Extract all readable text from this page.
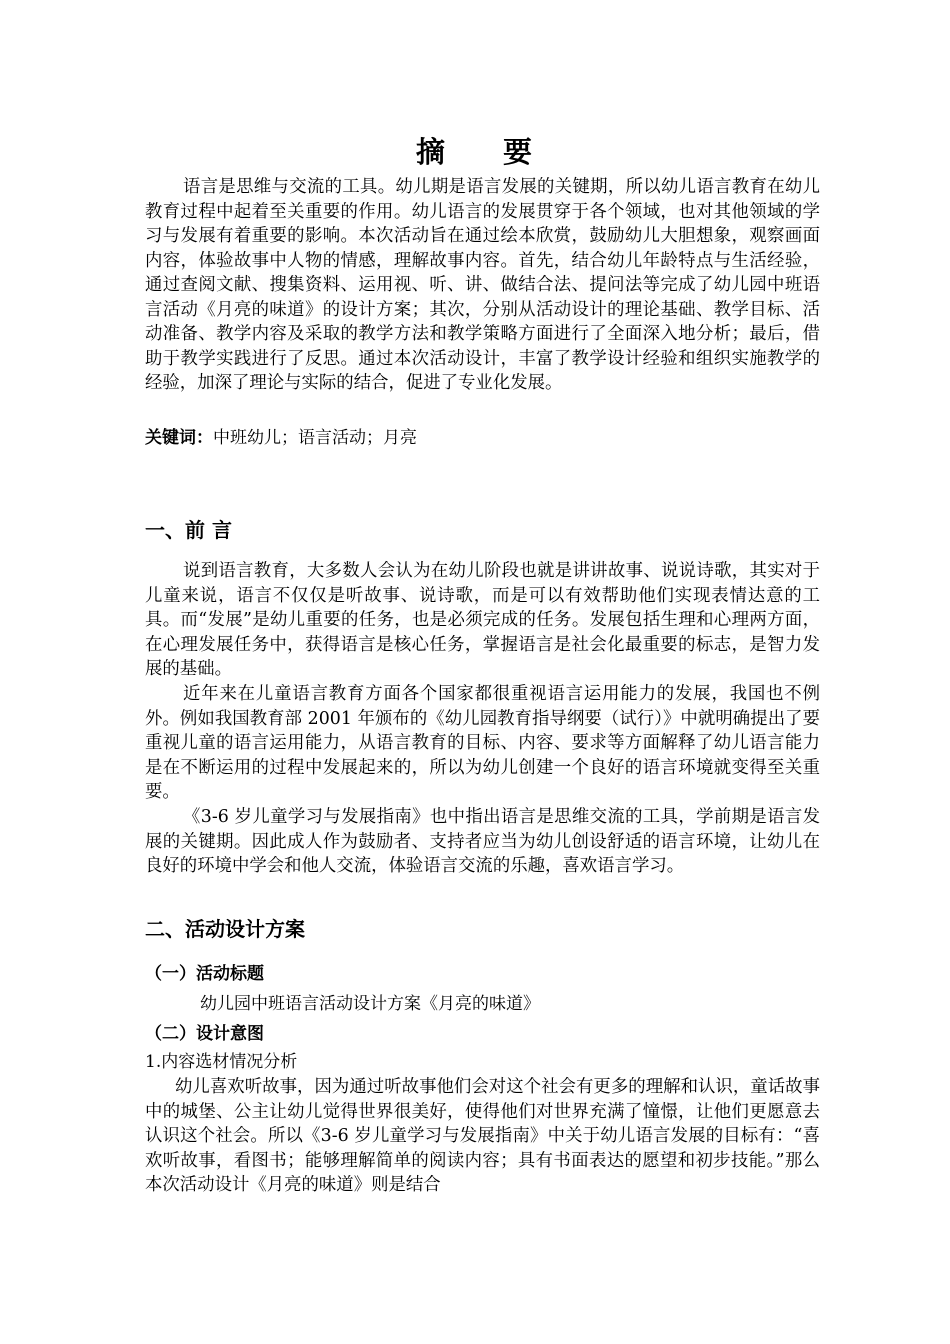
摘 要
语言是思维与交流的工具。幼儿期是语言发展的关键期，所以幼儿语言教育在幼儿教育过程中起着至关重要的作用。幼儿语言的发展贯穿于各个领域，也对其他领域的学习与发展有着重要的影响。本次活动旨在通过绘本欣赏，鼓励幼儿大胆想象，观察画面内容，体验故事中人物的情感，理解故事内容。首先，结合幼儿年龄特点与生活经验，通过查阅文献、搜集资料、运用视、听、讲、做结合法、提问法等完成了幼儿园中班语言活动《月亮的味道》的设计方案；其次，分别从活动设计的理论基础、教学目标、活动准备、教学内容及采取的教学方法和教学策略方面进行了全面深入地分析；最后，借助于教学实践进行了反思。通过本次活动设计，丰富了教学设计经验和组织实施教学的经验，加深了理论与实际的结合，促进了专业化发展。
关键词：中班幼儿；语言活动；月亮
一、前 言
说到语言教育，大多数人会认为在幼儿阶段也就是讲讲故事、说说诗歌，其实对于儿童来说，语言不仅仅是听故事、说诗歌，而是可以有效帮助他们实现表情达意的工具。而“发展”是幼儿重要的任务，也是必须完成的任务。发展包括生理和心理两方面，在心理发展任务中，获得语言是核心任务，掌握语言是社会化最重要的标志，是智力发展的基础。
近年来在儿童语言教育方面各个国家都很重视语言运用能力的发展，我国也不例外。例如我国教育部 2001 年颁布的《幼儿园教育指导纲要（试行）》中就明确提出了要重视儿童的语言运用能力，从语言教育的目标、内容、要求等方面解释了幼儿语言能力是在不断运用的过程中发展起来的，所以为幼儿创建一个良好的语言环境就变得至关重要。
《3-6 岁儿童学习与发展指南》也中指出语言是思维交流的工具，学前期是语言发展的关键期。因此成人作为鼓励者、支持者应当为幼儿创设舒适的语言环境，让幼儿在良好的环境中学会和他人交流，体验语言交流的乐趣，喜欢语言学习。
二、活动设计方案
（一）活动标题
幼儿园中班语言活动设计方案《月亮的味道》
（二）设计意图
1.内容选材情况分析
幼儿喜欢听故事，因为通过听故事他们会对这个社会有更多的理解和认识，童话故事中的城堡、公主让幼儿觉得世界很美好，使得他们对世界充满了憧憬，让他们更愿意去认识这个社会。所以《3-6 岁儿童学习与发展指南》中关于幼儿语言发展的目标有：“喜欢听故事，看图书；能够理解简单的阅读内容；具有书面表达的愿望和初步技能。”那么本次活动设计《月亮的味道》则是结合
